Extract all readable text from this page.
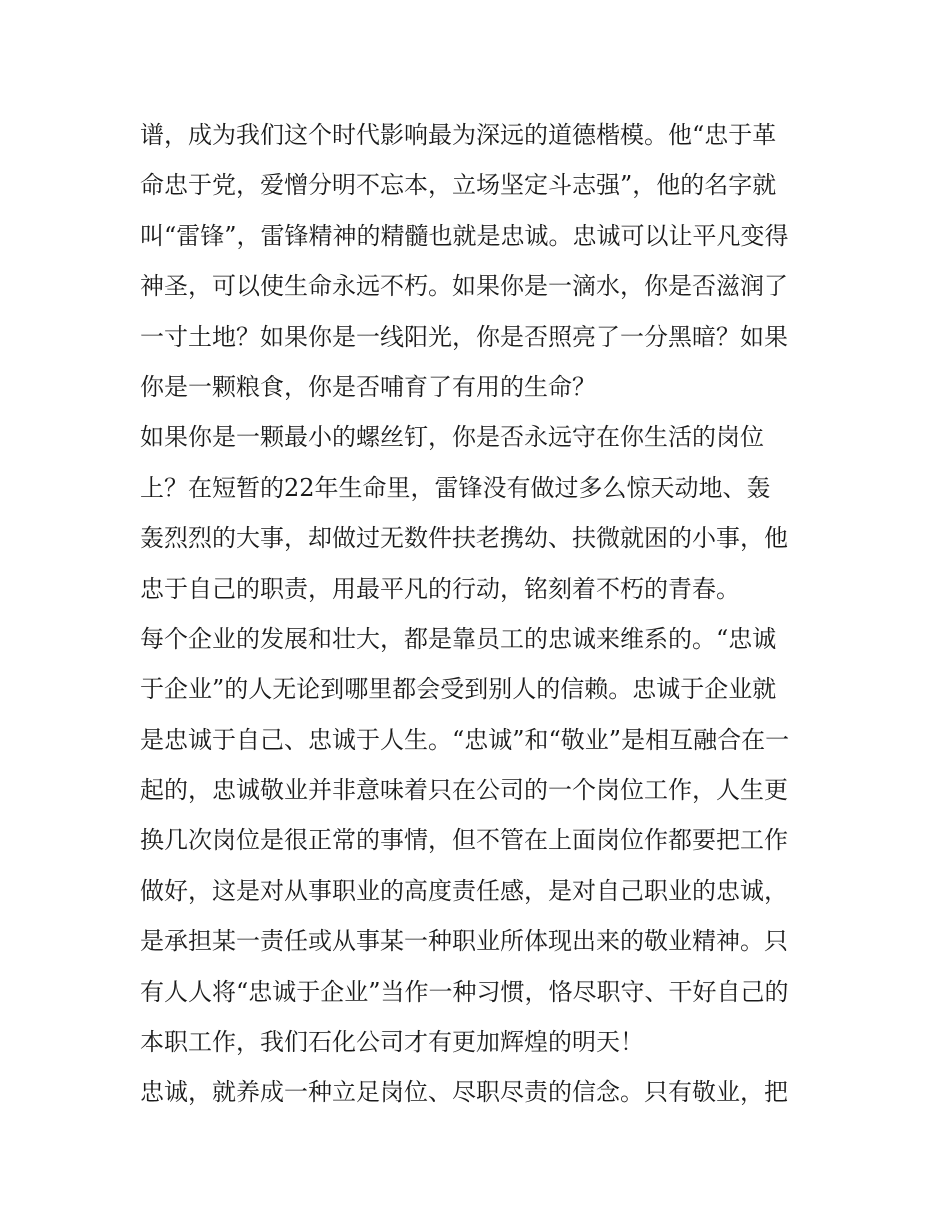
谱，成为我们这个时代影响最为深远的道德楷模。他“忠于革
命忠于党，爱憎分明不忘本，立场坚定斗志强”，他的名字就
叫“雷锋”，雷锋精神的精髓也就是忠诚。忠诚可以让平凡变得
神圣，可以使生命永远不朽。如果你是一滴水，你是否滋润了
一寸土地？如果你是一线阳光，你是否照亮了一分黑暗？如果
你是一颗粮食，你是否哺育了有用的生命？
如果你是一颗最小的螺丝钉，你是否永远守在你生活的岗位
上？在短暂的22年生命里，雷锋没有做过多么惊天动地、轰
轰烈烈的大事，却做过无数件扶老携幼、扶微就困的小事，他
忠于自己的职责，用最平凡的行动，铭刻着不朽的青春。
每个企业的发展和壮大，都是靠员工的忠诚来维系的。“忠诚
于企业”的人无论到哪里都会受到别人的信赖。忠诚于企业就
是忠诚于自己、忠诚于人生。“忠诚”和“敬业”是相互融合在一
起的，忠诚敬业并非意味着只在公司的一个岗位工作，人生更
换几次岗位是很正常的事情，但不管在上面岗位作都要把工作
做好，这是对从事职业的高度责任感，是对自己职业的忠诚，
是承担某一责任或从事某一种职业所体现出来的敬业精神。只
有人人将“忠诚于企业”当作一种习惯，恪尽职守、干好自己的
本职工作，我们石化公司才有更加辉煌的明天！
忠诚，就养成一种立足岗位、尽职尽责的信念。只有敬业，把
